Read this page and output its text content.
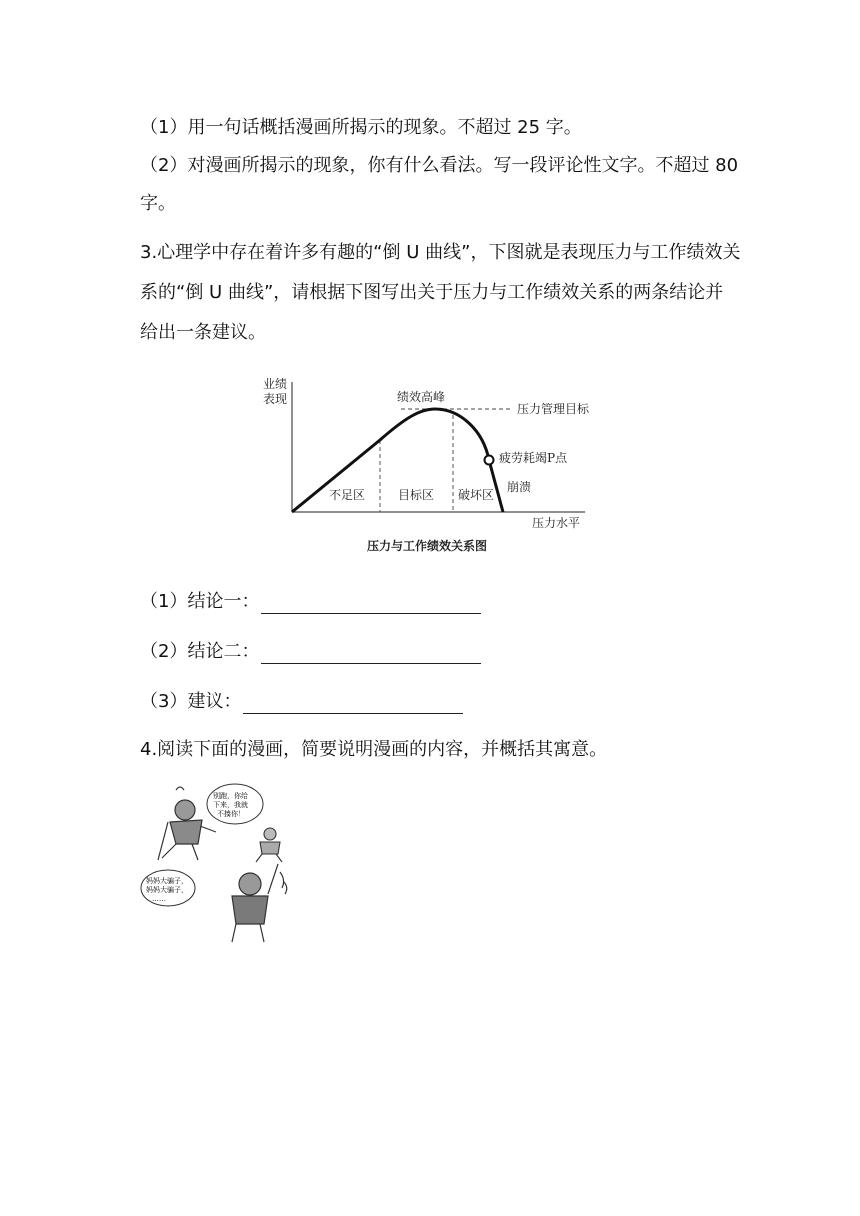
（1）用一句话概括漫画所揭示的现象。不超过 25 字。

（2）对漫画所揭示的现象，你有什么看法。写一段评论性文字。不超过 80

字。

3.心理学中存在着许多有趣的“倒 U 曲线”，下图就是表现压力与工作绩效关

系的“倒 U 曲线”，请根据下图写出关于压力与工作绩效关系的两条结论并

给出一条建议。

业绩
表现	绩效高峰
压力管理目标
疲劳耗竭P点
崩溃
不足区	目标区 破坏区
压力水平
压力与工作绩效关系图

（1）结论一：

（2）结论二：

（3）建议：

4.阅读下面的漫画，简要说明漫画的内容，并概括其寓意。

别跑，你给
下来，我就
不揍你！
妈妈大骗子，
妈妈大骗子，
……
